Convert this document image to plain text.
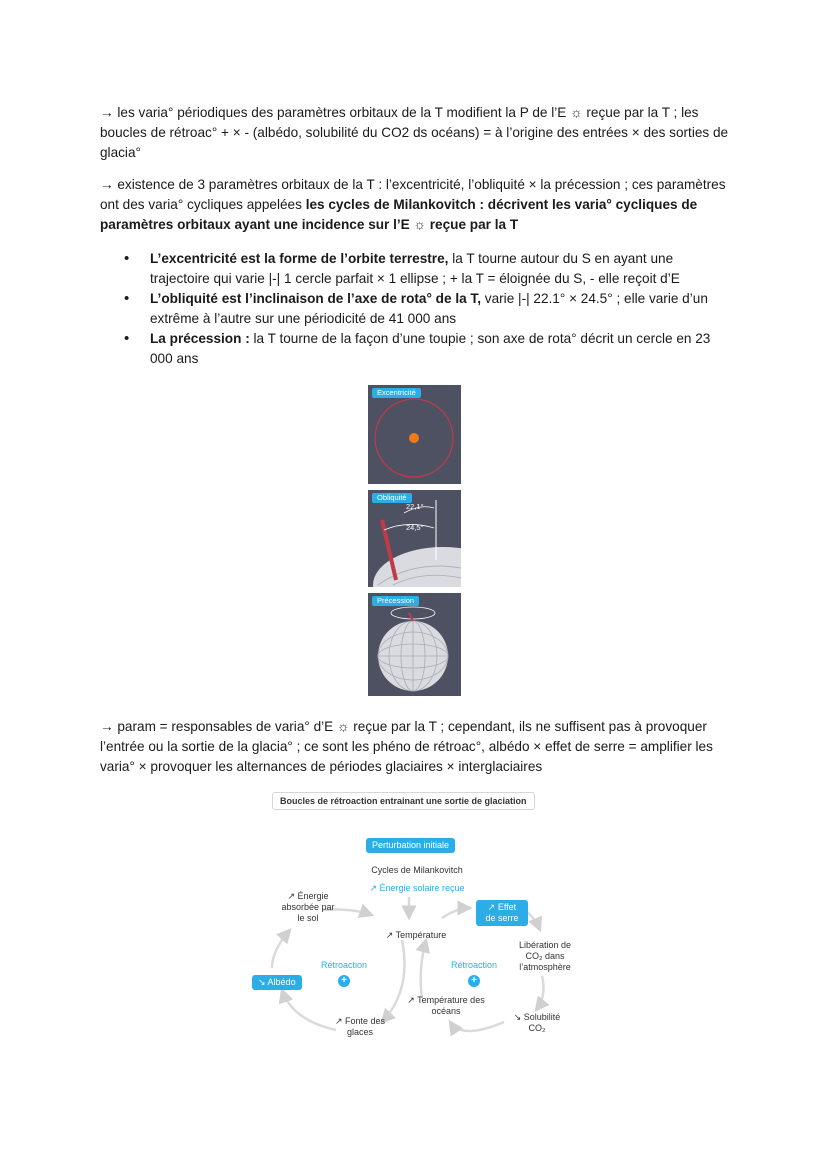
→ les varia° périodiques des paramètres orbitaux de la T modifient la P de l’E ☼ reçue par la T ; les boucles de rétroac° + × - (albédo, solubilité du CO2 ds océans) = à l’origine des entrées × des sorties de glacia°

→ existence de 3 paramètres orbitaux de la T : l’excentricité, l’obliquité × la précession ; ces paramètres ont des varia° cycliques appelées les cycles de Milankovitch : décrivent les varia° cycliques de paramètres orbitaux ayant une incidence sur l’E ☼ reçue par la T

• L’excentricité est la forme de l’orbite terrestre, la T tourne autour du S en ayant une trajectoire qui varie |-| 1 cercle parfait × 1 ellipse ; + la T = éloignée du S, - elle reçoit d’E
• L’obliquité est l’inclinaison de l’axe de rota° de la T, varie |-| 22.1° × 24.5° ; elle varie d’un extrême à l’autre sur une périodicité de 41 000 ans
• La précession : la T tourne de la façon d’une toupie ; son axe de rota° décrit un cercle en 23 000 ans
Excentricité
Obliquité
22,1°
24,5°
Précession

→ param = responsables de varia° d’E ☼ reçue par la T ; cependant, ils ne suffisent pas à provoquer l’entrée ou la sortie de la glacia° ; ce sont les phéno de rétroac°, albédo × effet de serre = amplifier les varia° × provoquer les alternances de périodes glaciaires × interglaciaires

Boucles de rétroaction entrainant une sortie de glaciation
Perturbation initiale
Cycles de Milankovitch
↗ Énergie solaire reçue
↗ Énergie absorbée par le sol
↗ Effet de serre
↗ Température
Libération de CO₂ dans l’atmosphère
Rétroaction	Rétroaction
+	+
↘ Albédo
↗ Température des océans
↘ Solubilité CO₂
↗ Fonte des glaces
